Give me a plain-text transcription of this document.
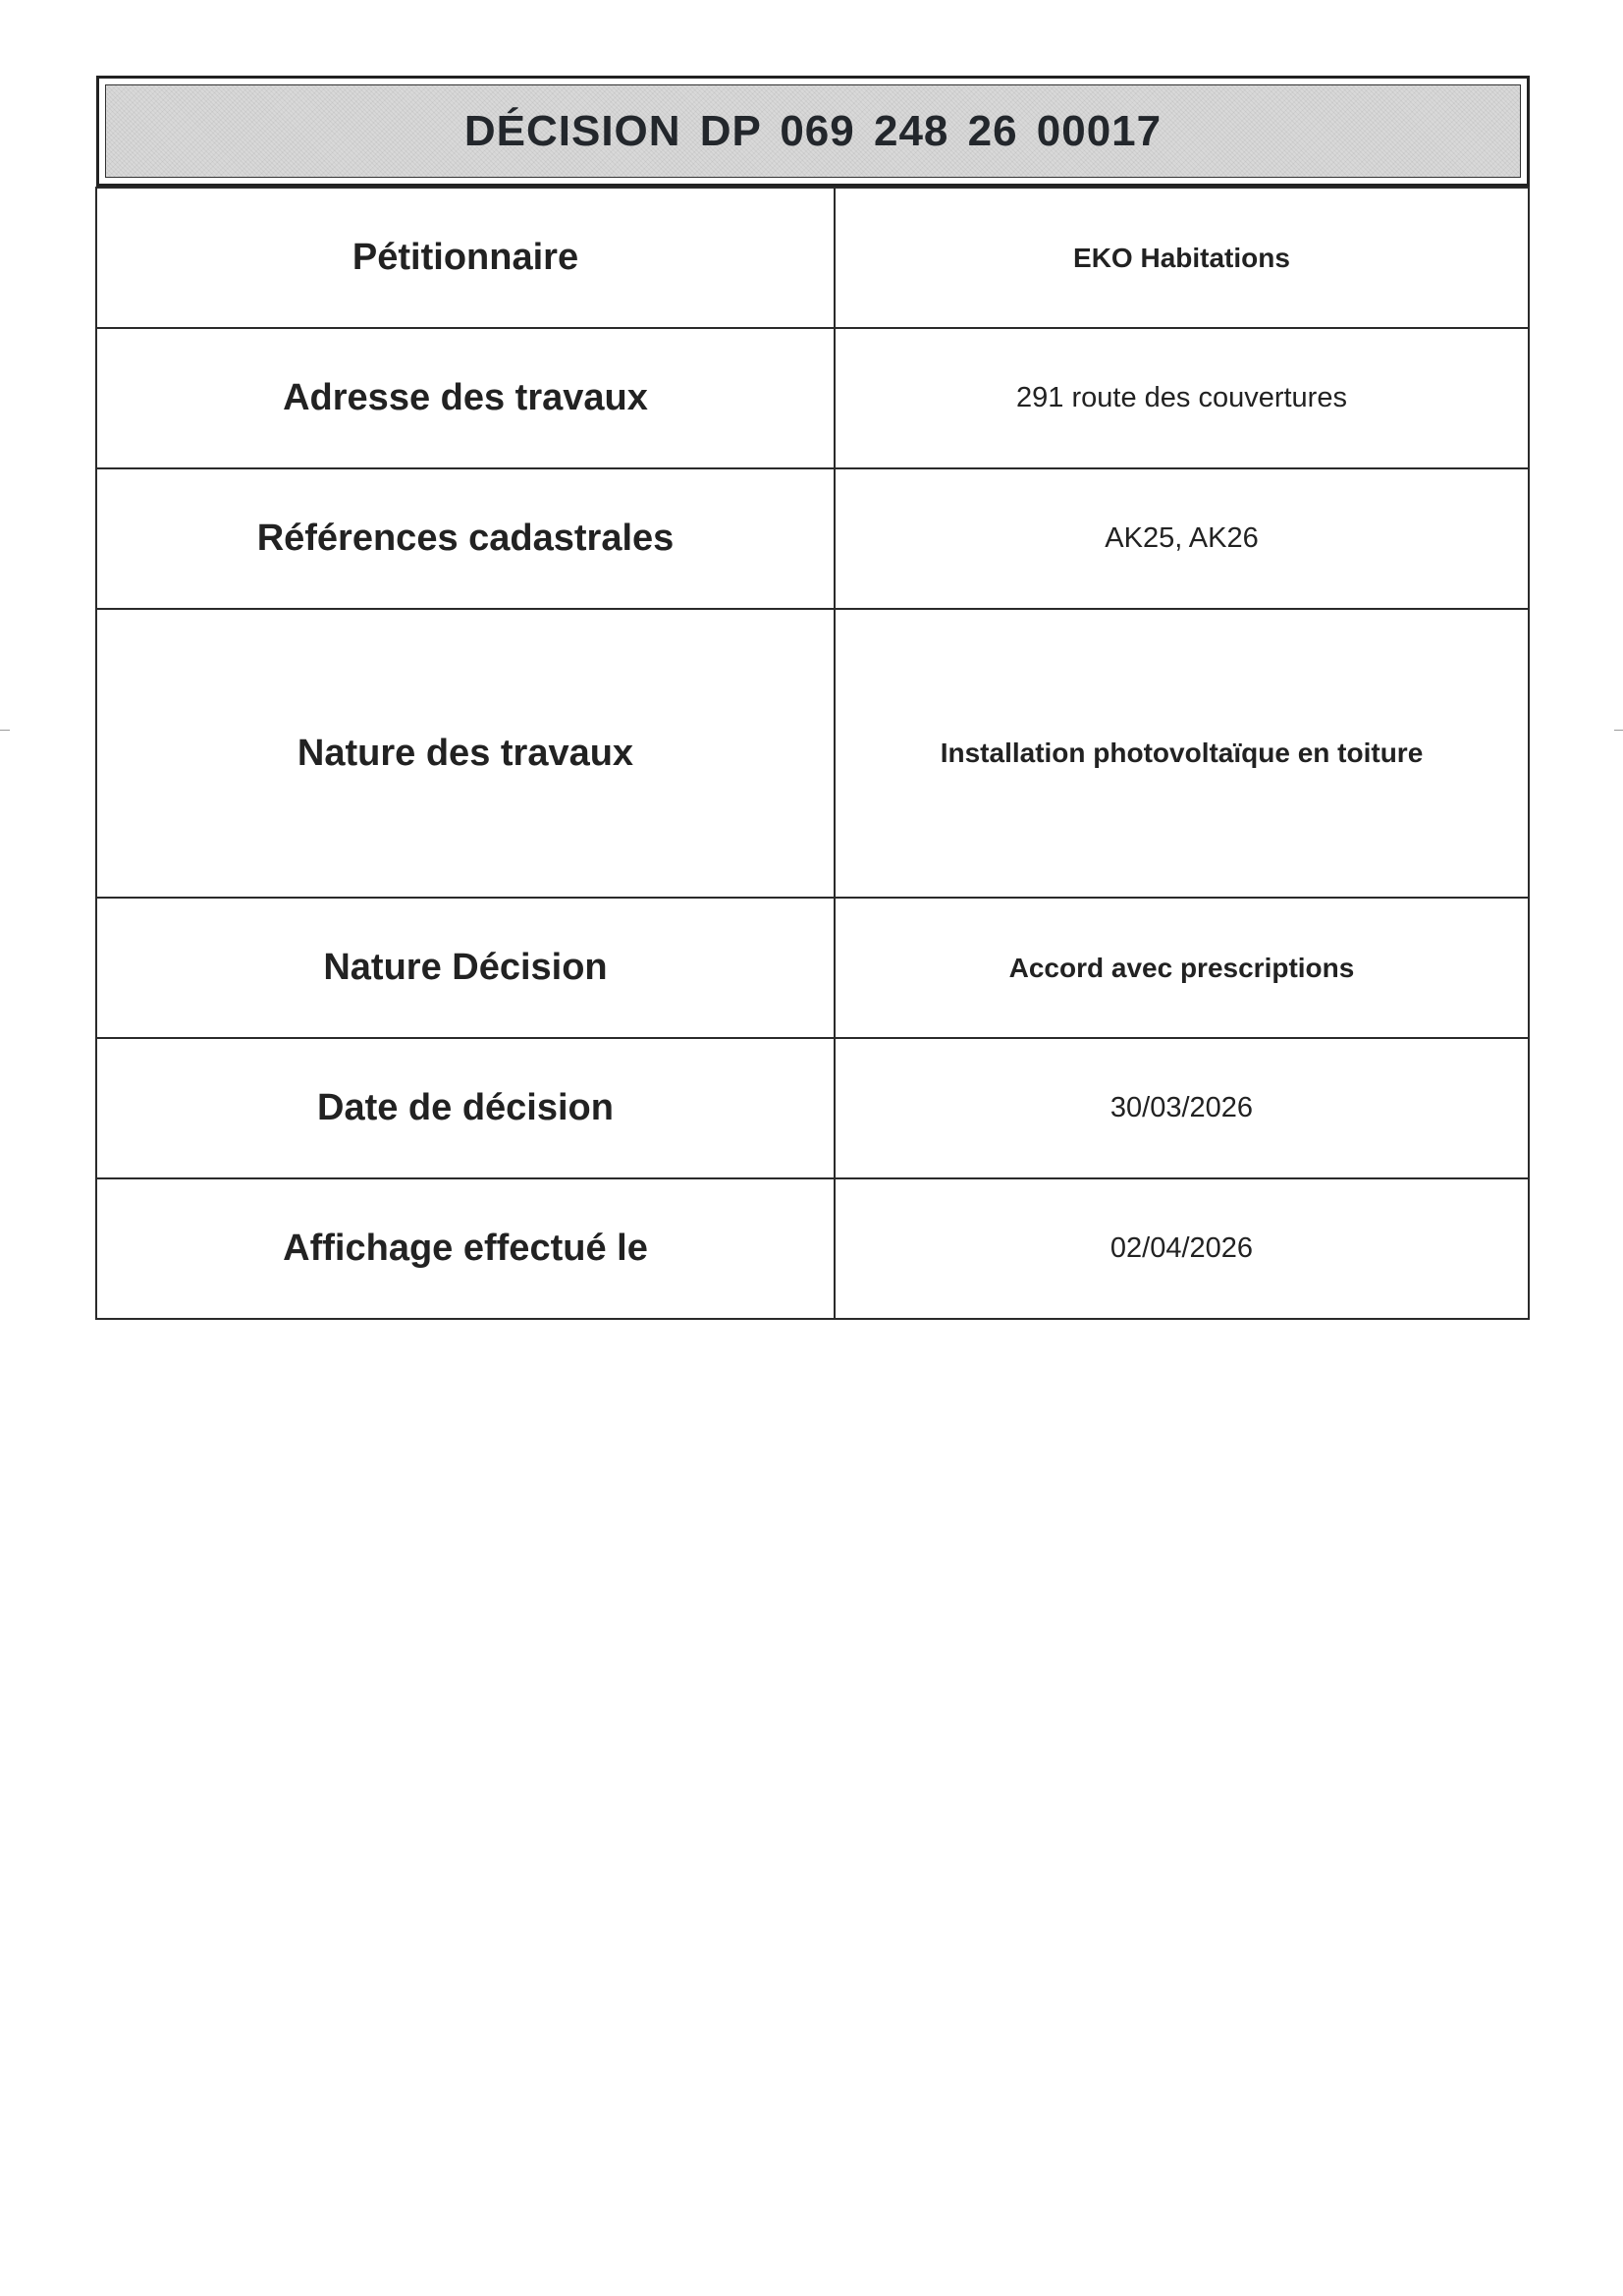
DÉCISION DP 069 248 26 00017
Pétitionnaire	EKO Habitations
Adresse des travaux	291 route des couvertures
Références cadastrales	AK25, AK26
Nature des travaux	Installation photovoltaïque en toiture
Nature Décision	Accord avec prescriptions
Date de décision	30/03/2026
Affichage effectué le	02/04/2026
